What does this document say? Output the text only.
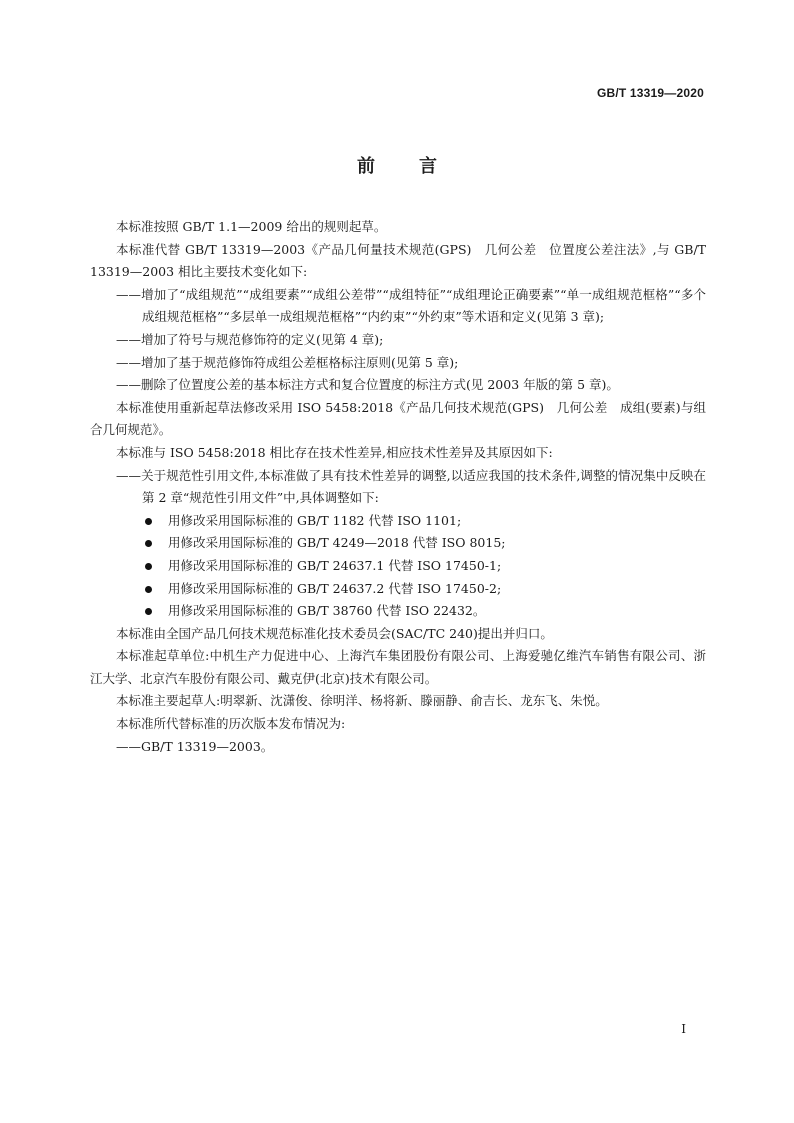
GB/T 13319—2020
前 言

本标准按照 GB/T 1.1—2009 给出的规则起草。

本标准代替 GB/T 13319—2003《产品几何量技术规范(GPS)　几何公差　位置度公差注法》,与 GB/T 13319—2003 相比主要技术变化如下:

——增加了“成组规范”“成组要素”“成组公差带”“成组特征”“成组理论正确要素”“单一成组规范框格”“多个成组规范框格”“多层单一成组规范框格”“内约束”“外约束”等术语和定义(见第 3 章);

——增加了符号与规范修饰符的定义(见第 4 章);

——增加了基于规范修饰符成组公差框格标注原则(见第 5 章);

——删除了位置度公差的基本标注方式和复合位置度的标注方式(见 2003 年版的第 5 章)。

本标准使用重新起草法修改采用 ISO 5458:2018《产品几何技术规范(GPS)　几何公差　成组(要素)与组合几何规范》。

本标准与 ISO 5458:2018 相比存在技术性差异,相应技术性差异及其原因如下:

——关于规范性引用文件,本标准做了具有技术性差异的调整,以适应我国的技术条件,调整的情况集中反映在第 2 章“规范性引用文件”中,具体调整如下:

用修改采用国际标准的 GB/T 1182 代替 ISO 1101;

用修改采用国际标准的 GB/T 4249—2018 代替 ISO 8015;

用修改采用国际标准的 GB/T 24637.1 代替 ISO 17450-1;

用修改采用国际标准的 GB/T 24637.2 代替 ISO 17450-2;

用修改采用国际标准的 GB/T 38760 代替 ISO 22432。

本标准由全国产品几何技术规范标准化技术委员会(SAC/TC 240)提出并归口。

本标准起草单位:中机生产力促进中心、上海汽车集团股份有限公司、上海爱驰亿维汽车销售有限公司、浙江大学、北京汽车股份有限公司、戴克伊(北京)技术有限公司。

本标准主要起草人:明翠新、沈潇俊、徐明洋、杨将新、滕丽静、俞吉长、龙东飞、朱悦。

本标准所代替标准的历次版本发布情况为:

——GB/T 13319—2003。

I
